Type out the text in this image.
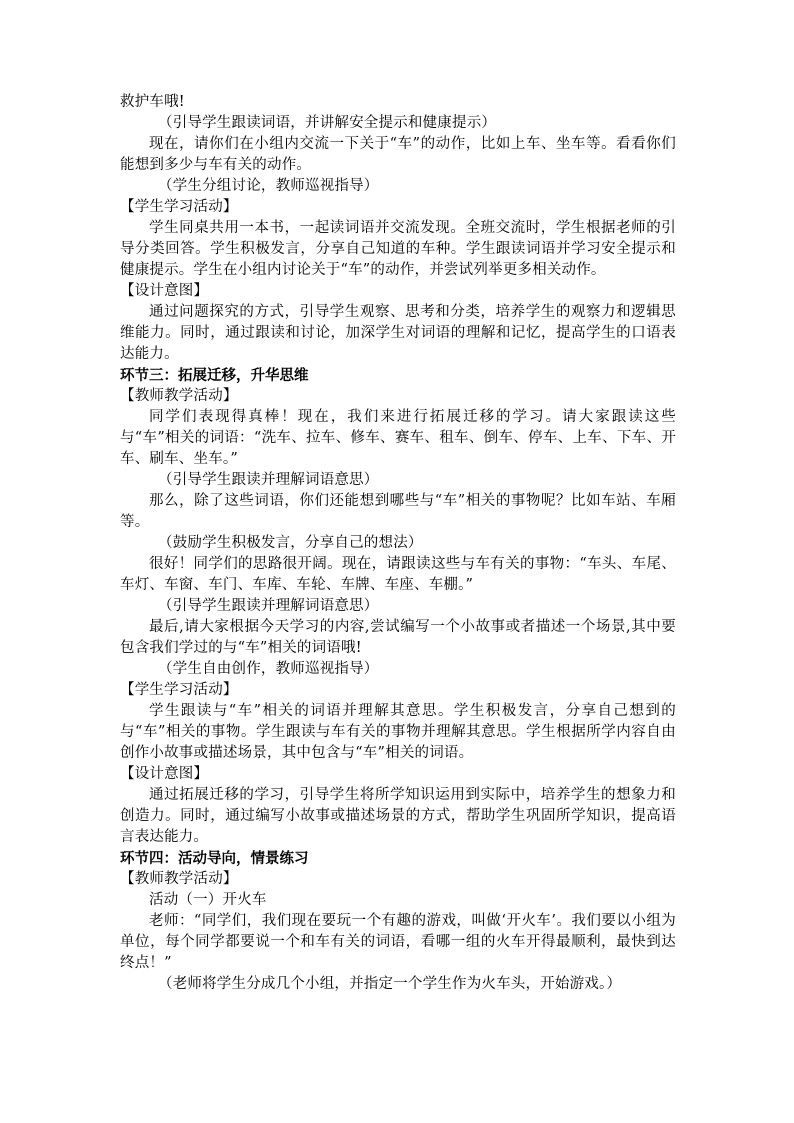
救护车哦!

（引导学生跟读词语，并讲解安全提示和健康提示）

现在，请你们在小组内交流一下关于“车”的动作，比如上车、坐车等。看看你们能想到多少与车有关的动作。

（学生分组讨论，教师巡视指导）

【学生学习活动】

学生同桌共用一本书，一起读词语并交流发现。全班交流时，学生根据老师的引导分类回答。学生积极发言，分享自己知道的车种。学生跟读词语并学习安全提示和健康提示。学生在小组内讨论关于“车”的动作，并尝试列举更多相关动作。

【设计意图】

通过问题探究的方式，引导学生观察、思考和分类，培养学生的观察力和逻辑思维能力。同时，通过跟读和讨论，加深学生对词语的理解和记忆，提高学生的口语表达能力。

环节三：拓展迁移，升华思维

【教师教学活动】

同学们表现得真棒！现在，我们来进行拓展迁移的学习。请大家跟读这些与“车”相关的词语：“洗车、拉车、修车、赛车、租车、倒车、停车、上车、下车、开车、刷车、坐车。”

（引导学生跟读并理解词语意思）

那么，除了这些词语，你们还能想到哪些与“车”相关的事物呢？比如车站、车厢等。

（鼓励学生积极发言，分享自己的想法）

很好！同学们的思路很开阔。现在，请跟读这些与车有关的事物：“车头、车尾、车灯、车窗、车门、车库、车轮、车牌、车座、车棚。”

（引导学生跟读并理解词语意思）

最后,请大家根据今天学习的内容,尝试编写一个小故事或者描述一个场景,其中要包含我们学过的与“车”相关的词语哦!

（学生自由创作，教师巡视指导）

【学生学习活动】

学生跟读与“车”相关的词语并理解其意思。学生积极发言，分享自己想到的与“车”相关的事物。学生跟读与车有关的事物并理解其意思。学生根据所学内容自由创作小故事或描述场景，其中包含与“车”相关的词语。

【设计意图】

通过拓展迁移的学习，引导学生将所学知识运用到实际中，培养学生的想象力和创造力。同时，通过编写小故事或描述场景的方式，帮助学生巩固所学知识，提高语言表达能力。

环节四：活动导向，情景练习

【教师教学活动】

活动（一）开火车

老师：“同学们，我们现在要玩一个有趣的游戏，叫做‘开火车’。我们要以小组为单位，每个同学都要说一个和车有关的词语，看哪一组的火车开得最顺利，最快到达终点！”

（老师将学生分成几个小组，并指定一个学生作为火车头，开始游戏。）
